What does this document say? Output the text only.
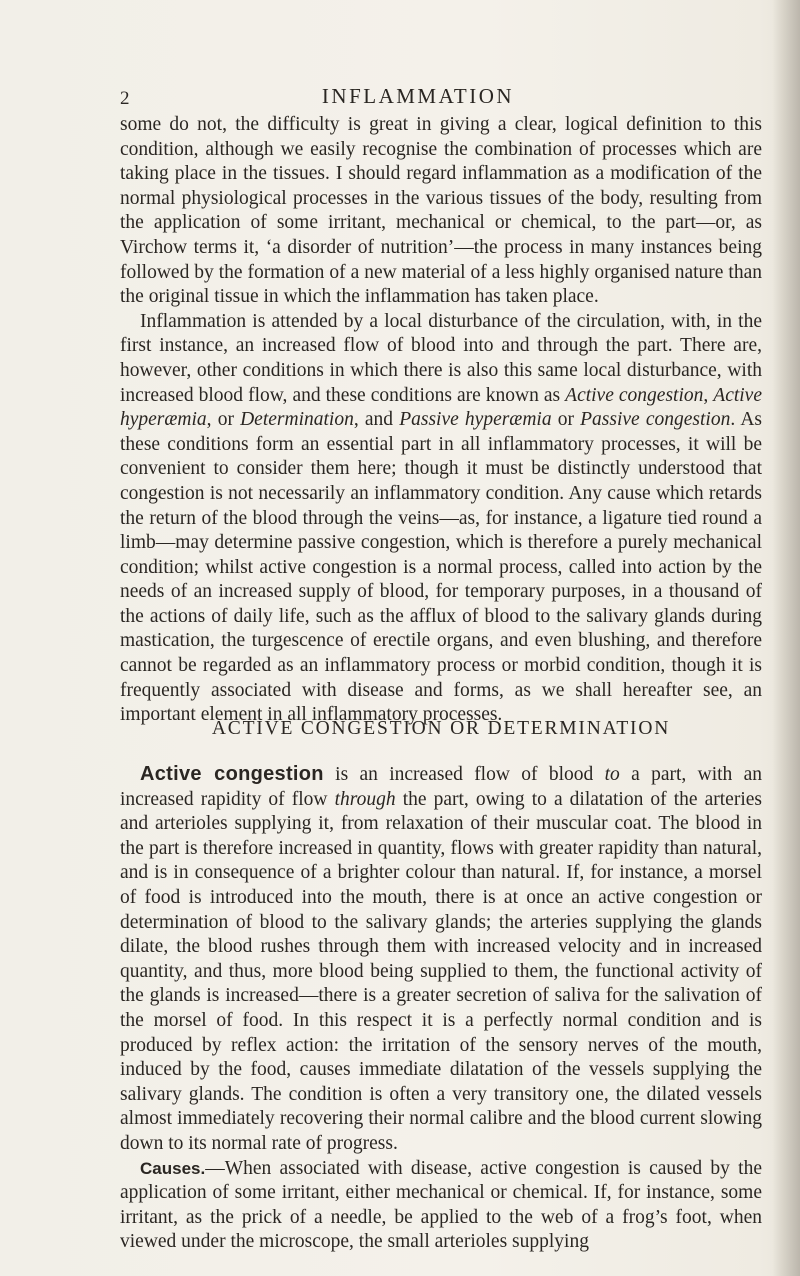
2	INFLAMMATION

some do not, the difficulty is great in giving a clear, logical definition to this condition, although we easily recognise the combination of processes which are taking place in the tissues. I should regard inflammation as a modification of the normal physiological processes in the various tissues of the body, resulting from the application of some irritant, mechanical or chemical, to the part—or, as Virchow terms it, ‘a disorder of nutrition’—the process in many instances being followed by the formation of a new material of a less highly organised nature than the original tissue in which the inflammation has taken place.

Inflammation is attended by a local disturbance of the circulation, with, in the first instance, an increased flow of blood into and through the part. There are, however, other conditions in which there is also this same local disturbance, with increased blood flow, and these conditions are known as Active congestion, Active hyperæmia, or Determination, and Passive hyperæmia or Passive congestion. As these conditions form an essential part in all inflammatory processes, it will be convenient to consider them here; though it must be distinctly understood that congestion is not necessarily an inflammatory condition. Any cause which retards the return of the blood through the veins—as, for instance, a ligature tied round a limb—may determine passive congestion, which is therefore a purely mechanical condition; whilst active congestion is a normal process, called into action by the needs of an increased supply of blood, for temporary purposes, in a thousand of the actions of daily life, such as the afflux of blood to the salivary glands during mastication, the turgescence of erectile organs, and even blushing, and therefore cannot be regarded as an inflammatory process or morbid condition, though it is frequently associated with disease and forms, as we shall hereafter see, an important element in all inflammatory processes.

ACTIVE CONGESTION OR DETERMINATION

Active congestion is an increased flow of blood to a part, with an increased rapidity of flow through the part, owing to a dilatation of the arteries and arterioles supplying it, from relaxation of their muscular coat. The blood in the part is therefore increased in quantity, flows with greater rapidity than natural, and is in consequence of a brighter colour than natural. If, for instance, a morsel of food is introduced into the mouth, there is at once an active congestion or determination of blood to the salivary glands; the arteries supplying the glands dilate, the blood rushes through them with increased velocity and in increased quantity, and thus, more blood being supplied to them, the functional activity of the glands is increased—there is a greater secretion of saliva for the salivation of the morsel of food. In this respect it is a perfectly normal condition and is produced by reflex action: the irritation of the sensory nerves of the mouth, induced by the food, causes immediate dilatation of the vessels supplying the salivary glands. The condition is often a very transitory one, the dilated vessels almost immediately recovering their normal calibre and the blood current slowing down to its normal rate of progress.

Causes.—When associated with disease, active congestion is caused by the application of some irritant, either mechanical or chemical. If, for instance, some irritant, as the prick of a needle, be applied to the web of a frog’s foot, when viewed under the microscope, the small arterioles supplying
